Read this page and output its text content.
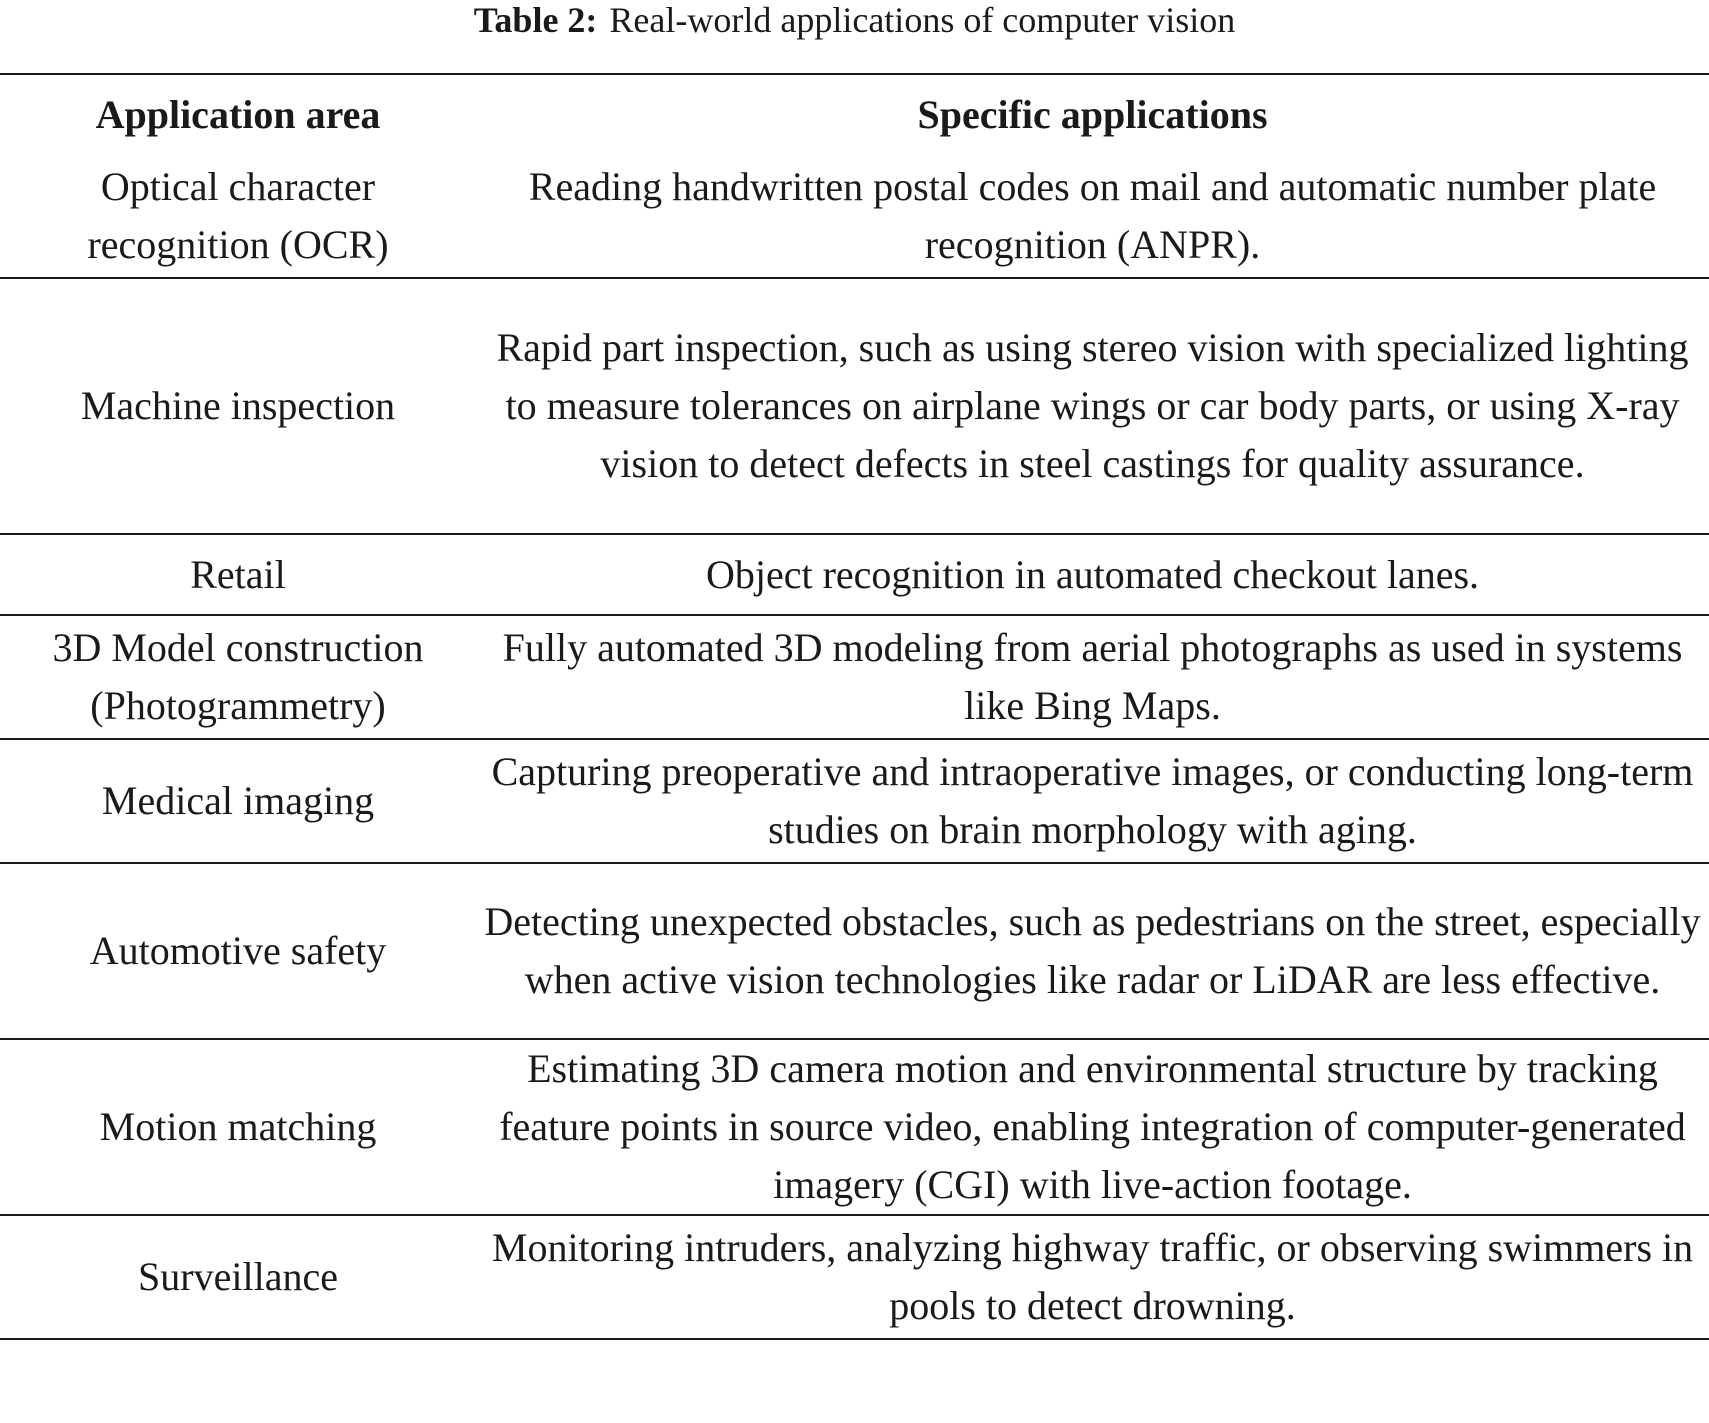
Table 2: Real-world applications of computer vision
Application area	Specific applications
Optical character recognition (OCR)	Reading handwritten postal codes on mail and automatic number plate recognition (ANPR).
Machine inspection	Rapid part inspection, such as using stereo vision with specialized lighting to measure tolerances on airplane wings or car body parts, or using X-ray vision to detect defects in steel castings for quality assurance.
Retail	Object recognition in automated checkout lanes.
3D Model construction (Photogrammetry)	Fully automated 3D modeling from aerial photographs as used in systems like Bing Maps.
Medical imaging	Capturing preoperative and intraoperative images, or conducting long-term studies on brain morphology with aging.
Automotive safety	Detecting unexpected obstacles, such as pedestrians on the street, especially when active vision technologies like radar or LiDAR are less effective.
Motion matching	Estimating 3D camera motion and environmental structure by tracking feature points in source video, enabling integration of computer-generated imagery (CGI) with live-action footage.
Surveillance	Monitoring intruders, analyzing highway traffic, or observing swimmers in pools to detect drowning.
